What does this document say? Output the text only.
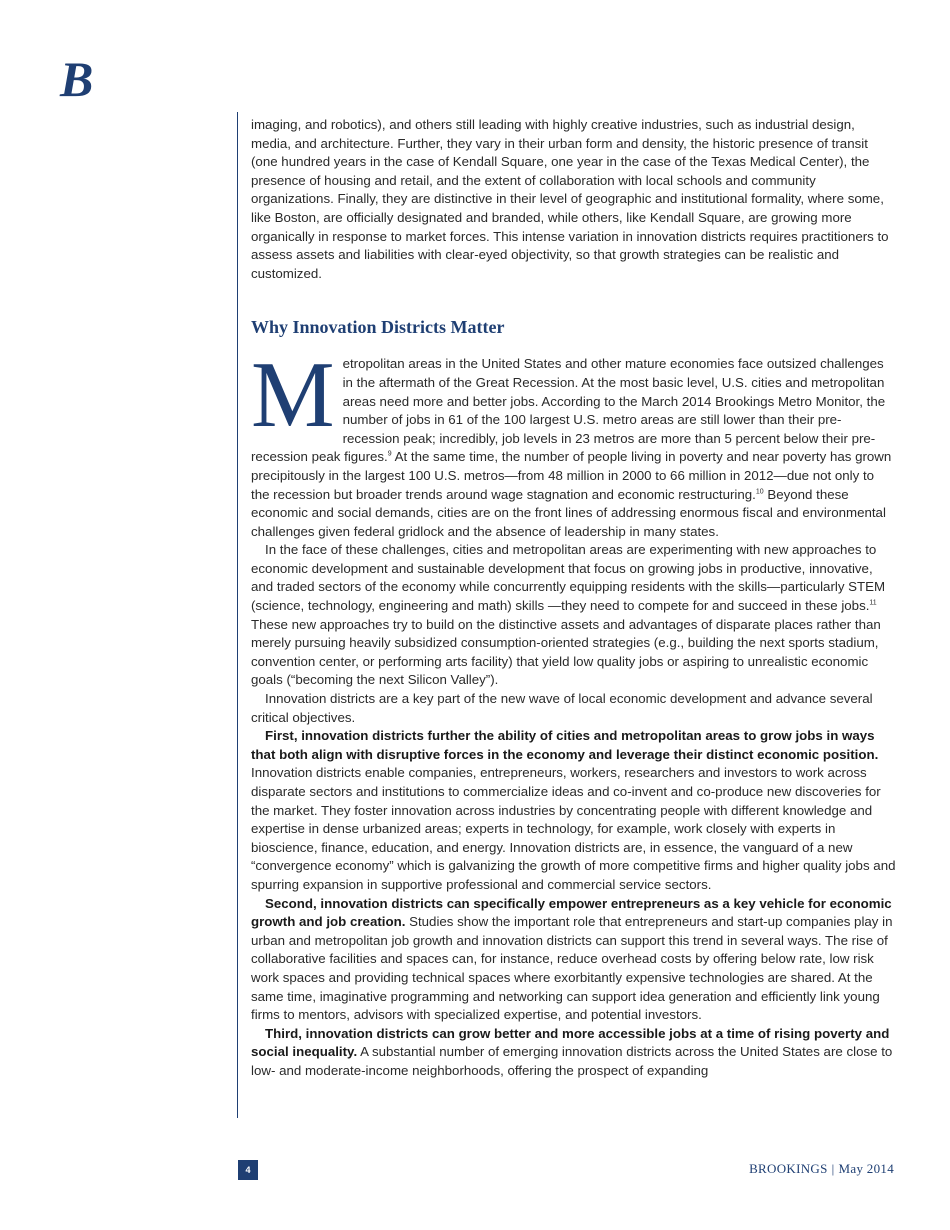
B

imaging, and robotics), and others still leading with highly creative industries, such as industrial design, media, and architecture. Further, they vary in their urban form and density, the historic presence of transit (one hundred years in the case of Kendall Square, one year in the case of the Texas Medical Center), the presence of housing and retail, and the extent of collaboration with local schools and community organizations. Finally, they are distinctive in their level of geographic and institutional formality, where some, like Boston, are officially designated and branded, while others, like Kendall Square, are growing more organically in response to market forces. This intense variation in innovation districts requires practitioners to assess assets and liabilities with clear-eyed objectivity, so that growth strategies can be realistic and customized.

Why Innovation Districts Matter

Metropolitan areas in the United States and other mature economies face outsized challenges in the aftermath of the Great Recession. At the most basic level, U.S. cities and metropolitan areas need more and better jobs. According to the March 2014 Brookings Metro Monitor, the number of jobs in 61 of the 100 largest U.S. metro areas are still lower than their pre-recession peak; incredibly, job levels in 23 metros are more than 5 percent below their pre-recession peak figures.$^9$ At the same time, the number of people living in poverty and near poverty has grown precipitously in the largest 100 U.S. metros—from 48 million in 2000 to 66 million in 2012—due not only to the recession but broader trends around wage stagnation and economic restructuring.$^{10}$ Beyond these economic and social demands, cities are on the front lines of addressing enormous fiscal and environmental challenges given federal gridlock and the absence of leadership in many states.

In the face of these challenges, cities and metropolitan areas are experimenting with new approaches to economic development and sustainable development that focus on growing jobs in productive, innovative, and traded sectors of the economy while concurrently equipping residents with the skills—particularly STEM (science, technology, engineering and math) skills —they need to compete for and succeed in these jobs.$^{11}$ These new approaches try to build on the distinctive assets and advantages of disparate places rather than merely pursuing heavily subsidized consumption-oriented strategies (e.g., building the next sports stadium, convention center, or performing arts facility) that yield low quality jobs or aspiring to unrealistic economic goals (“becoming the next Silicon Valley”).

Innovation districts are a key part of the new wave of local economic development and advance several critical objectives.

First, innovation districts further the ability of cities and metropolitan areas to grow jobs in ways that both align with disruptive forces in the economy and leverage their distinct economic position. Innovation districts enable companies, entrepreneurs, workers, researchers and investors to work across disparate sectors and institutions to commercialize ideas and co-invent and co-produce new discoveries for the market. They foster innovation across industries by concentrating people with different knowledge and expertise in dense urbanized areas; experts in technology, for example, work closely with experts in bioscience, finance, education, and energy. Innovation districts are, in essence, the vanguard of a new “convergence economy” which is galvanizing the growth of more competitive firms and higher quality jobs and spurring expansion in supportive professional and commercial service sectors.

Second, innovation districts can specifically empower entrepreneurs as a key vehicle for economic growth and job creation. Studies show the important role that entrepreneurs and start-up companies play in urban and metropolitan job growth and innovation districts can support this trend in several ways. The rise of collaborative facilities and spaces can, for instance, reduce overhead costs by offering below rate, low risk work spaces and providing technical spaces where exorbitantly expensive technologies are shared. At the same time, imaginative programming and networking can support idea generation and efficiently link young firms to mentors, advisors with specialized expertise, and potential investors.

Third, innovation districts can grow better and more accessible jobs at a time of rising poverty and social inequality. A substantial number of emerging innovation districts across the United States are close to low- and moderate-income neighborhoods, offering the prospect of expanding

4	BROOKINGS | May 2014
